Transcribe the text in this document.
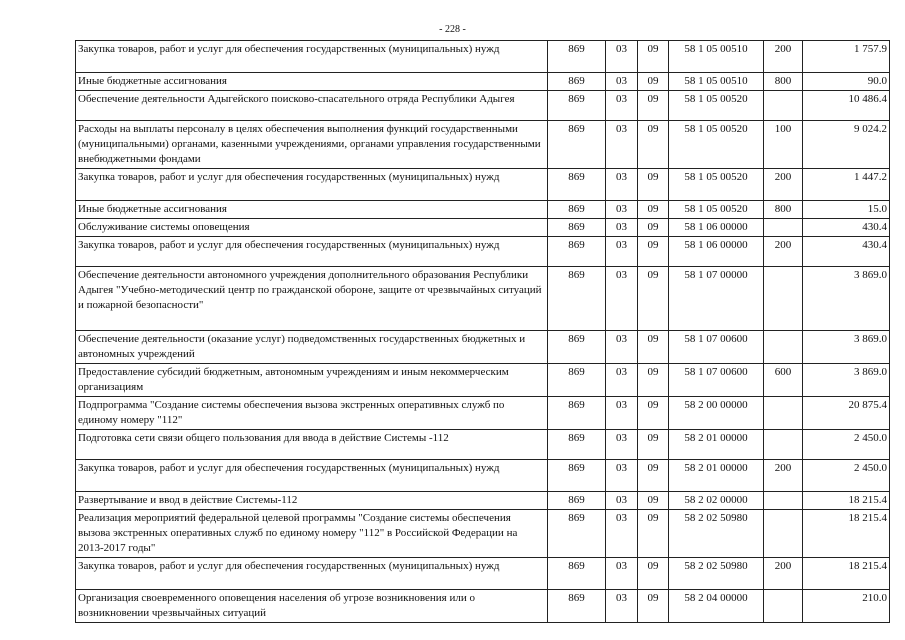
- 228 -
Закупка товаров, работ и услуг для обеспечения государственных (муниципальных) нужд	869	03	09	58 1 05 00510	200	1 757.9
Иные бюджетные ассигнования	869	03	09	58 1 05 00510	800	90.0
Обеспечение деятельности Адыгейского поисково-спасательного отряда Республики Адыгея	869	03	09	58 1 05 00520		10 486.4
Расходы на выплаты персоналу в целях обеспечения выполнения функций государственными (муниципальными) органами, казенными учреждениями, органами управления государственными внебюджетными фондами	869	03	09	58 1 05 00520	100	9 024.2
Закупка товаров, работ и услуг для обеспечения государственных (муниципальных) нужд	869	03	09	58 1 05 00520	200	1 447.2
Иные бюджетные ассигнования	869	03	09	58 1 05 00520	800	15.0
Обслуживание системы оповещения	869	03	09	58 1 06 00000		430.4
Закупка товаров, работ и услуг для обеспечения государственных (муниципальных) нужд	869	03	09	58 1 06 00000	200	430.4
Обеспечение деятельности автономного учреждения дополнительного образования Республики Адыгея "Учебно-методический центр по гражданской обороне, защите от чрезвычайных ситуаций и пожарной безопасности"	869	03	09	58 1 07 00000		3 869.0
Обеспечение деятельности (оказание услуг) подведомственных государственных бюджетных и автономных учреждений	869	03	09	58 1 07 00600		3 869.0
Предоставление субсидий бюджетным, автономным учреждениям и иным некоммерческим организациям	869	03	09	58 1 07 00600	600	3 869.0
Подпрограмма "Создание системы обеспечения вызова экстренных оперативных служб по единому номеру "112"	869	03	09	58 2 00 00000		20 875.4
Подготовка сети связи общего пользования для ввода в действие Системы -112	869	03	09	58 2 01 00000		2 450.0
Закупка товаров, работ и услуг для обеспечения государственных (муниципальных) нужд	869	03	09	58 2 01 00000	200	2 450.0
Развертывание и ввод в действие Системы-112	869	03	09	58 2 02 00000		18 215.4
Реализация мероприятий федеральной целевой программы "Создание системы обеспечения вызова экстренных оперативных служб по единому номеру "112" в Российской Федерации на 2013-2017 годы"	869	03	09	58 2 02 50980		18 215.4
Закупка товаров, работ и услуг для обеспечения государственных (муниципальных) нужд	869	03	09	58 2 02 50980	200	18 215.4
Организация своевременного оповещения населения об угрозе возникновения или о возникновении чрезвычайных ситуаций	869	03	09	58 2 04 00000		210.0
